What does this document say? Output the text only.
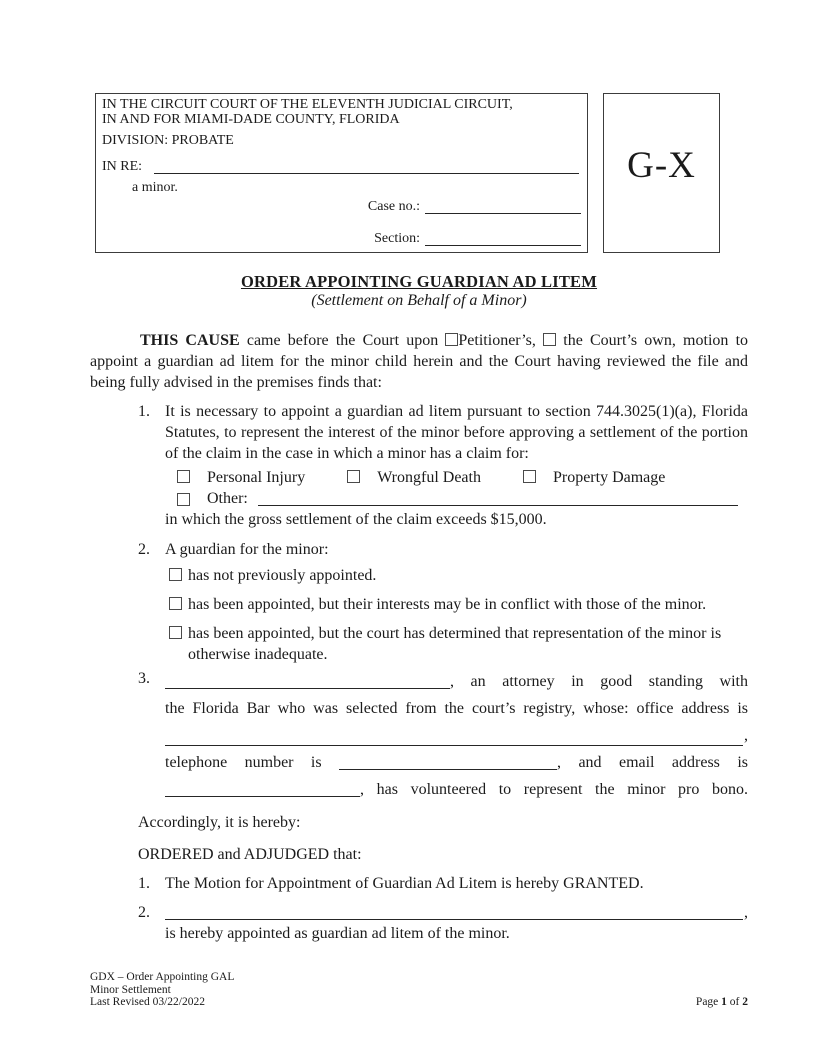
IN THE CIRCUIT COURT OF THE ELEVENTH JUDICIAL CIRCUIT,
IN AND FOR MIAMI-DADE COUNTY, FLORIDA
DIVISION: PROBATE
IN RE:
a minor.
Case no.:
Section:
G-X
ORDER APPOINTING GUARDIAN AD LITEM
(Settlement on Behalf of a Minor)

THIS CAUSE came before the Court upon Petitioner’s, the Court’s own, motion to appoint a guardian ad litem for the minor child herein and the Court having reviewed the file and being fully advised in the premises finds that:

1. It is necessary to appoint a guardian ad litem pursuant to section 744.3025(1)(a), Florida Statutes, to represent the interest of the minor before approving a settlement of the portion of the claim in the case in which a minor has a claim for:

Personal Injury	Wrongful Death	Property Damage
Other:
in which the gross settlement of the claim exceeds $15,000.
2. A guardian for the minor:

has not previously appointed.
has been appointed, but their interests may be in conflict with those of the minor.
has been appointed, but the court has determined that representation of the minor is otherwise inadequate.
3.	, an attorney in good standing with
the Florida Bar who was selected from the court’s registry, whose: office address is
,
telephone number is	, and email address is
, has volunteered to represent the minor pro bono.

Accordingly, it is hereby:

ORDERED and ADJUDGED that:

1. The Motion for Appointment of Guardian Ad Litem is hereby GRANTED.

2.	,
is hereby appointed as guardian ad litem of the minor.
GDX – Order Appointing GAL
Minor Settlement
Last Revised 03/22/2022	Page 1 of 2
